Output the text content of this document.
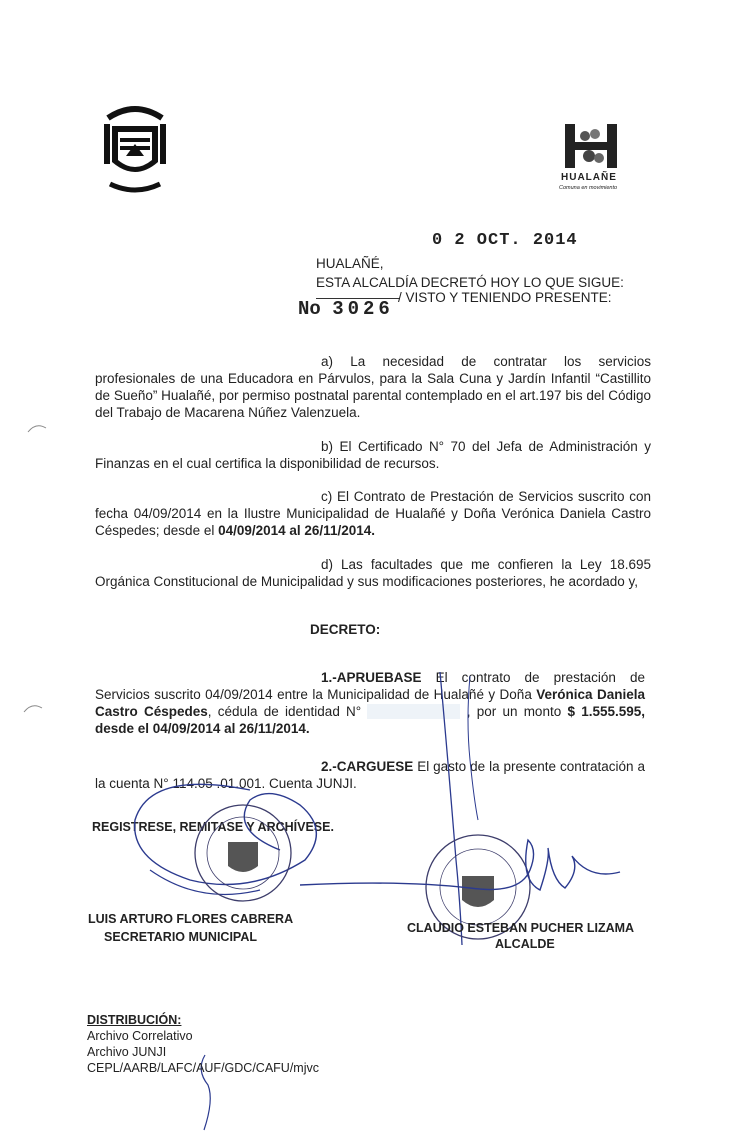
HUALAÑE
Comuna en movimiento
0 2 OCT. 2014
HUALAÑÉ,
ESTA ALCALDÍA DECRETÓ HOY LO QUE SIGUE:
/ VISTO Y TENIENDO PRESENTE:
No 3026
a) La necesidad de contratar los servicios profesionales de una Educadora en Párvulos, para la Sala Cuna y Jardín Infantil “Castillito de Sueño” Hualañé, por permiso postnatal parental contemplado en el art.197 bis del Código del Trabajo de Macarena Núñez Valenzuela.
b) El Certificado N° 70 del Jefa de Administración y Finanzas en el cual certifica la disponibilidad de recursos.
c) El Contrato de Prestación de Servicios suscrito con fecha 04/09/2014 en la Ilustre Municipalidad de Hualañé y Doña Verónica Daniela Castro Céspedes; desde el 04/09/2014 al 26/11/2014.
d) Las facultades que me confieren la Ley 18.695 Orgánica Constitucional de Municipalidad y sus modificaciones posteriores, he acordado y,
DECRETO:
1.-APRUEBASE El contrato de prestación de Servicios suscrito 04/09/2014 entre la Municipalidad de Hualañé y Doña Verónica Daniela Castro Céspedes, cédula de identidad N°	, por un monto $ 1.555.595, desde el 04/09/2014 al 26/11/2014.
2.-CARGUESE El gasto de la presente contratación a la cuenta N° 114.05 .01.001. Cuenta JUNJI.
REGISTRESE, REMITASE Y ARCHÍVESE.
LUIS ARTURO FLORES CABRERA
SECRETARIO MUNICIPAL
CLAUDIO ESTEBAN PUCHER LIZAMA
ALCALDE
DISTRIBUCIÓN:
Archivo Correlativo
Archivo JUNJI
CEPL/AARB/LAFC/AUF/GDC/CAFU/mjvc
